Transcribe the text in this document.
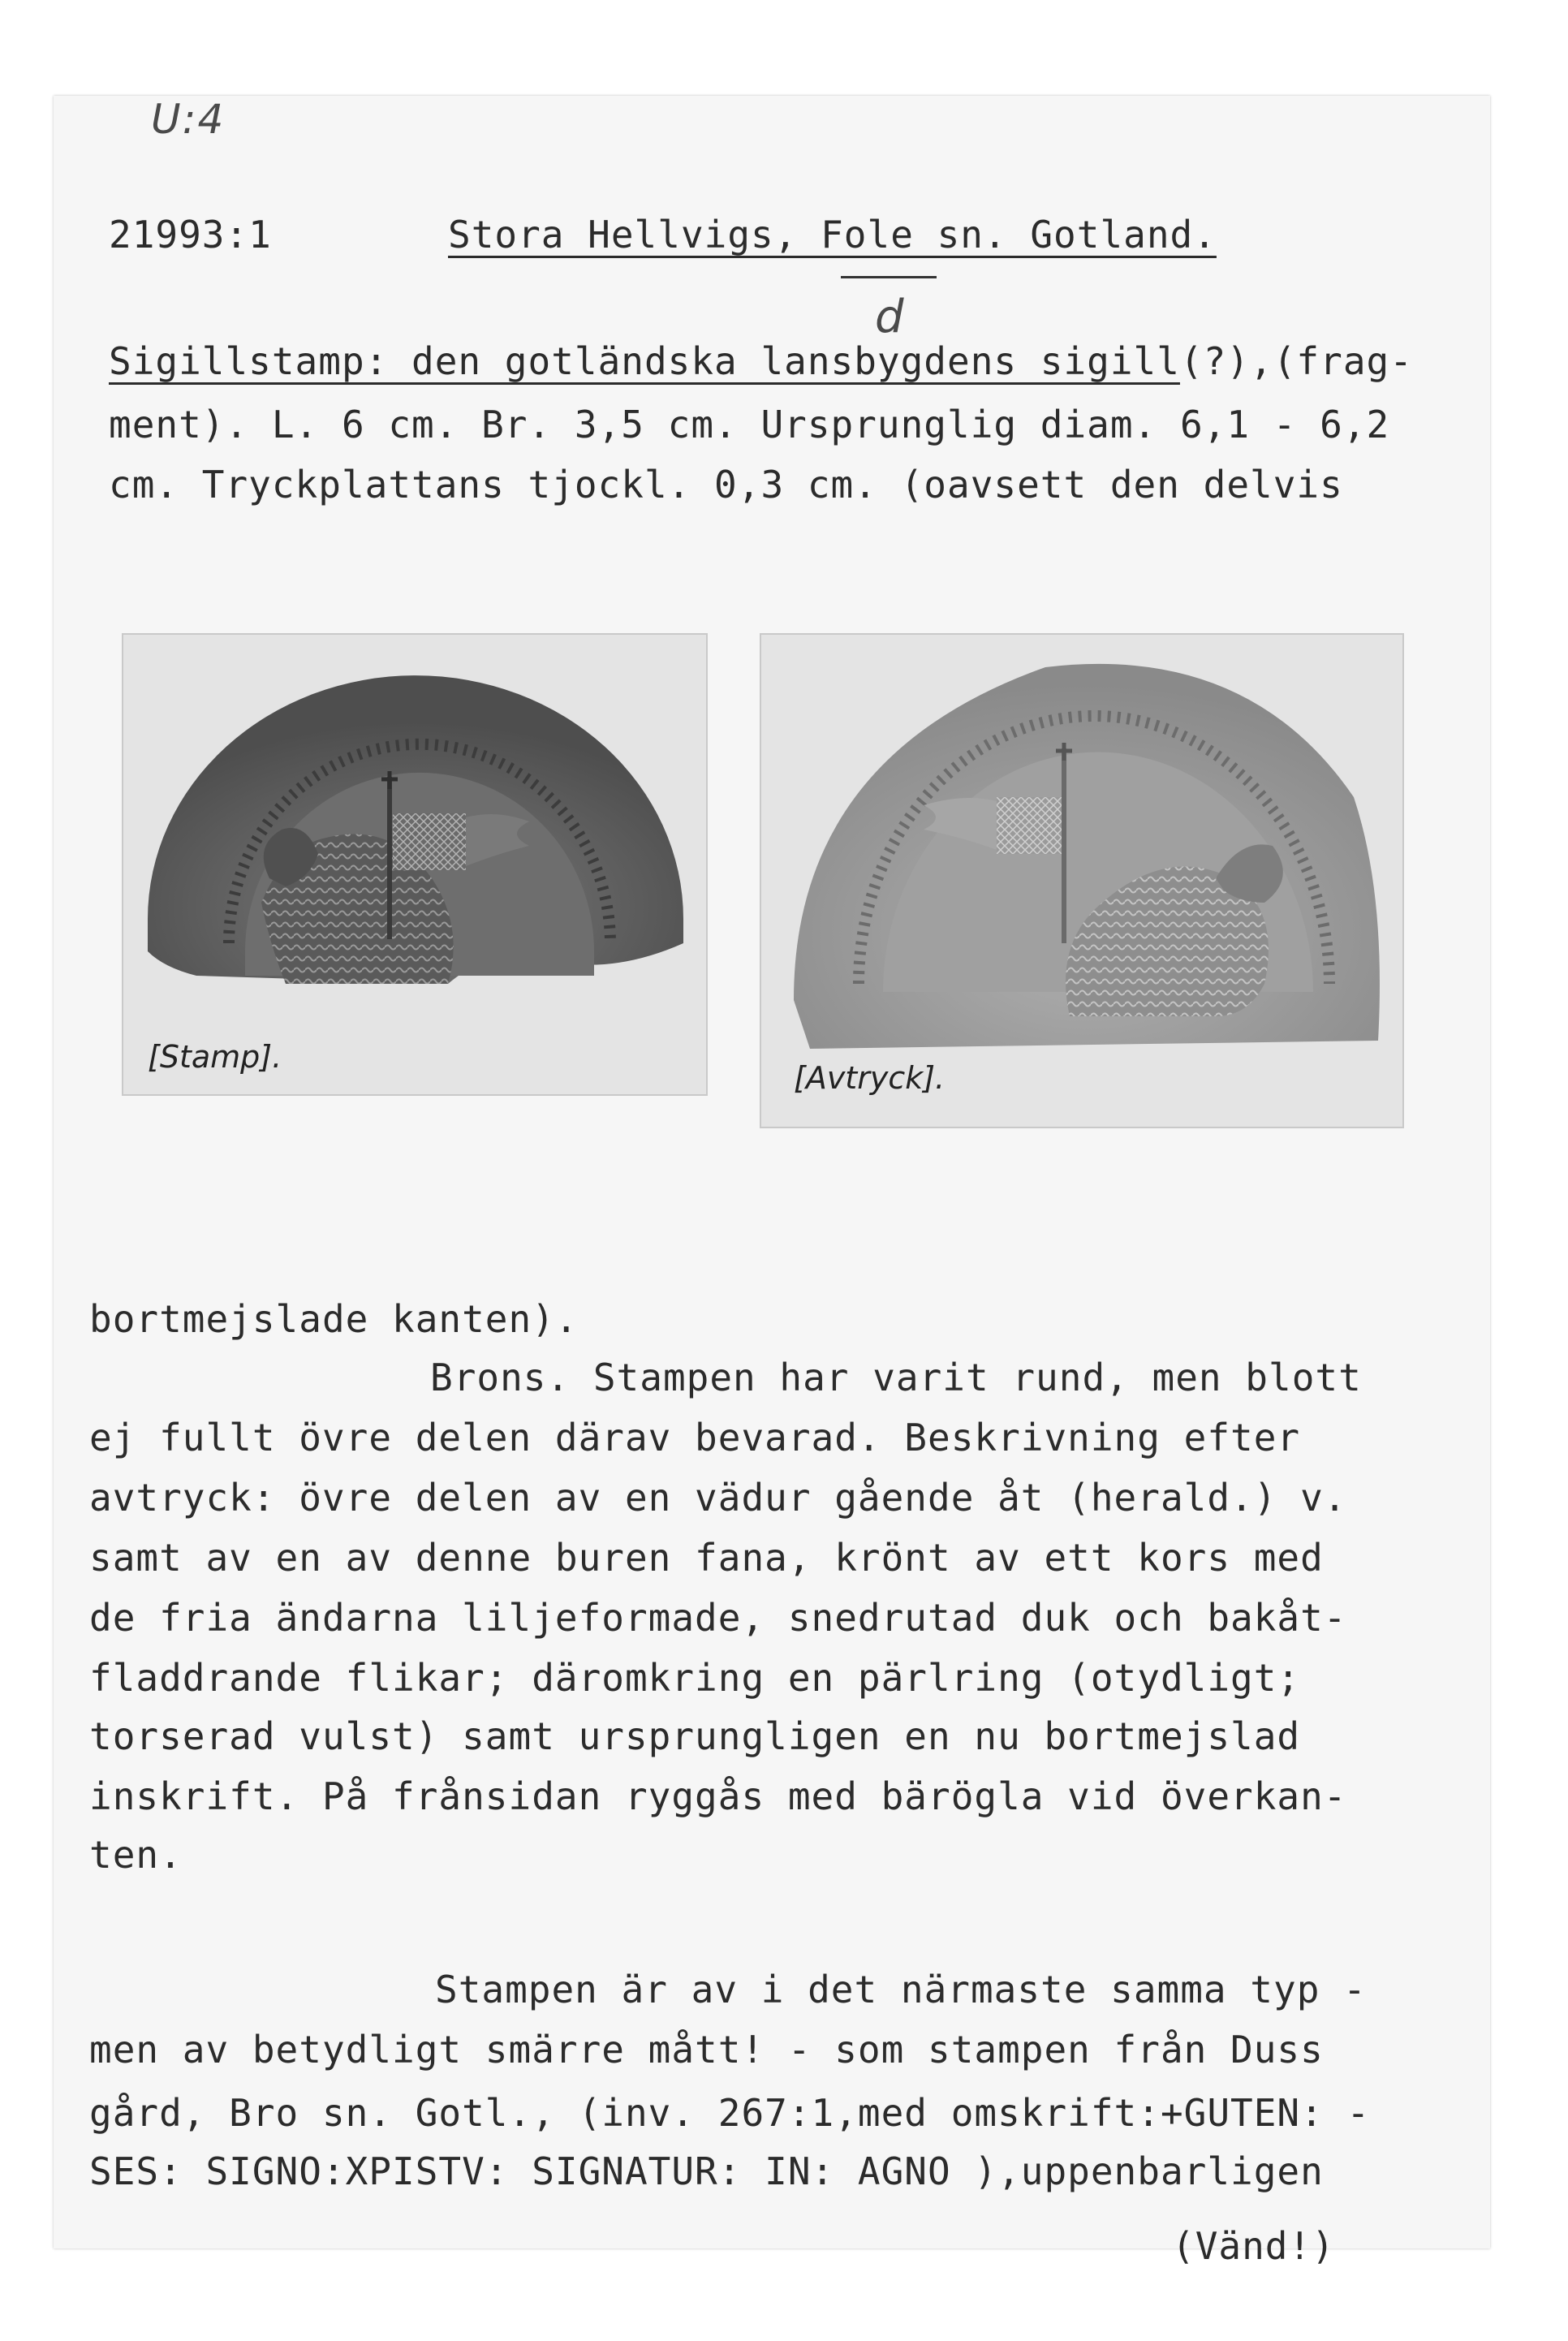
U:4
21993:1	Stora Hellvigs, Fole sn. Gotland.
d
Sigillstamp: den gotländska lansbygdens sigill(?),(frag-
ment). L. 6 cm. Br. 3,5 cm. Ursprunglig diam. 6,1 - 6,2
cm. Tryckplattans tjockl. 0,3 cm. (oavsett den delvis
[Stamp].
[Avtryck].
bortmejslade kanten).
Brons. Stampen har varit rund, men blott
ej fullt övre delen därav bevarad. Beskrivning efter
avtryck: övre delen av en vädur gående åt (herald.) v.
samt av en av denne buren fana, krönt av ett kors med
de fria ändarna liljeformade, snedrutad duk och bakåt-
fladdrande flikar; däromkring en pärlring (otydligt;
torserad vulst) samt ursprungligen en nu bortmejslad
inskrift. På frånsidan ryggås med bärögla vid överkan-
ten.
Stampen är av i det närmaste samma typ -
men av betydligt smärre mått! - som stampen från Duss
gård, Bro sn. Gotl., (inv. 267:1,med omskrift:+GUTEN: -
SES: SIGNO:XPISTV: SIGNATUR: IN: AGNO ),uppenbarligen
(Vänd!)
